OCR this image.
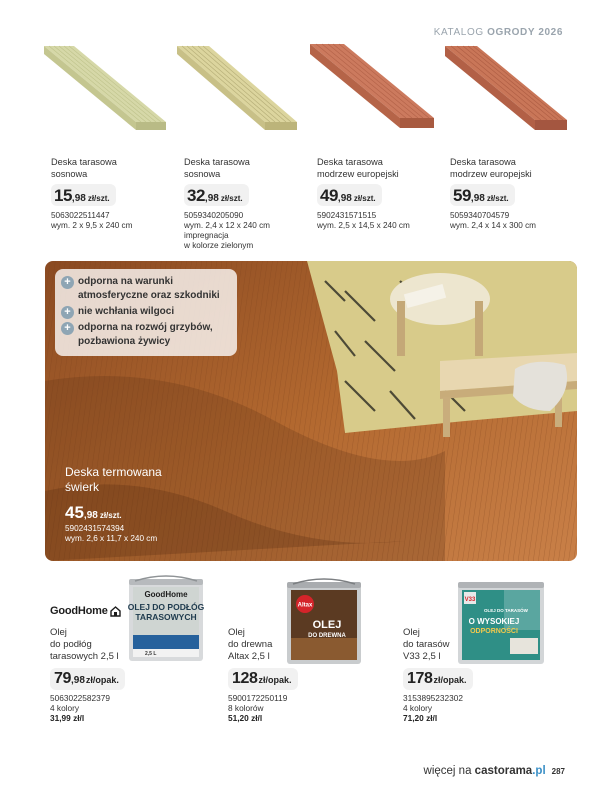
KATALOG OGRODY 2026
Deska tarasowa
sosnowa
15,98 zł/szt.
5063022511447
wym. 2 x 9,5 x 240 cm
Deska tarasowa
sosnowa
32,98 zł/szt.
5059340205090
wym. 2,4 x 12 x 240 cm
impregnacja
w kolorze zielonym
Deska tarasowa
modrzew europejski
49,98 zł/szt.
5902431571515
wym. 2,5 x 14,5 x 240 cm
Deska tarasowa
modrzew europejski
59,98 zł/szt.
5059340704579
wym. 2,4 x 14 x 300 cm
+ odporna na warunki atmosferyczne oraz szkodniki
+ nie wchłania wilgoci
+ odporna na rozwój grzybów, pozbawiona żywicy
Deska termowana
świerk
45,98 zł/szt.
5902431574394
wym. 2,6 x 11,7 x 240 cm
GoodHome
GoodHome
OLEJ DO PODŁÓG
TARASOWYCH
2,5 L
Altax
OLEJ
DO DREWNA
V33
OLEJ DO TARASÓW
O WYSOKIEJ
ODPORNOŚCI
Olej
do podłóg
tarasowych 2,5 l
79,98zł/opak.
5063022582379
4 kolory
31,99 zł/l
Olej
do drewna
Altax 2,5 l
128zł/opak.
5900172250119
8 kolorów
51,20 zł/l
Olej
do tarasów
V33 2,5 l
178zł/opak.
3153895232302
4 kolory
71,20 zł/l
więcej na castorama.pl 287
